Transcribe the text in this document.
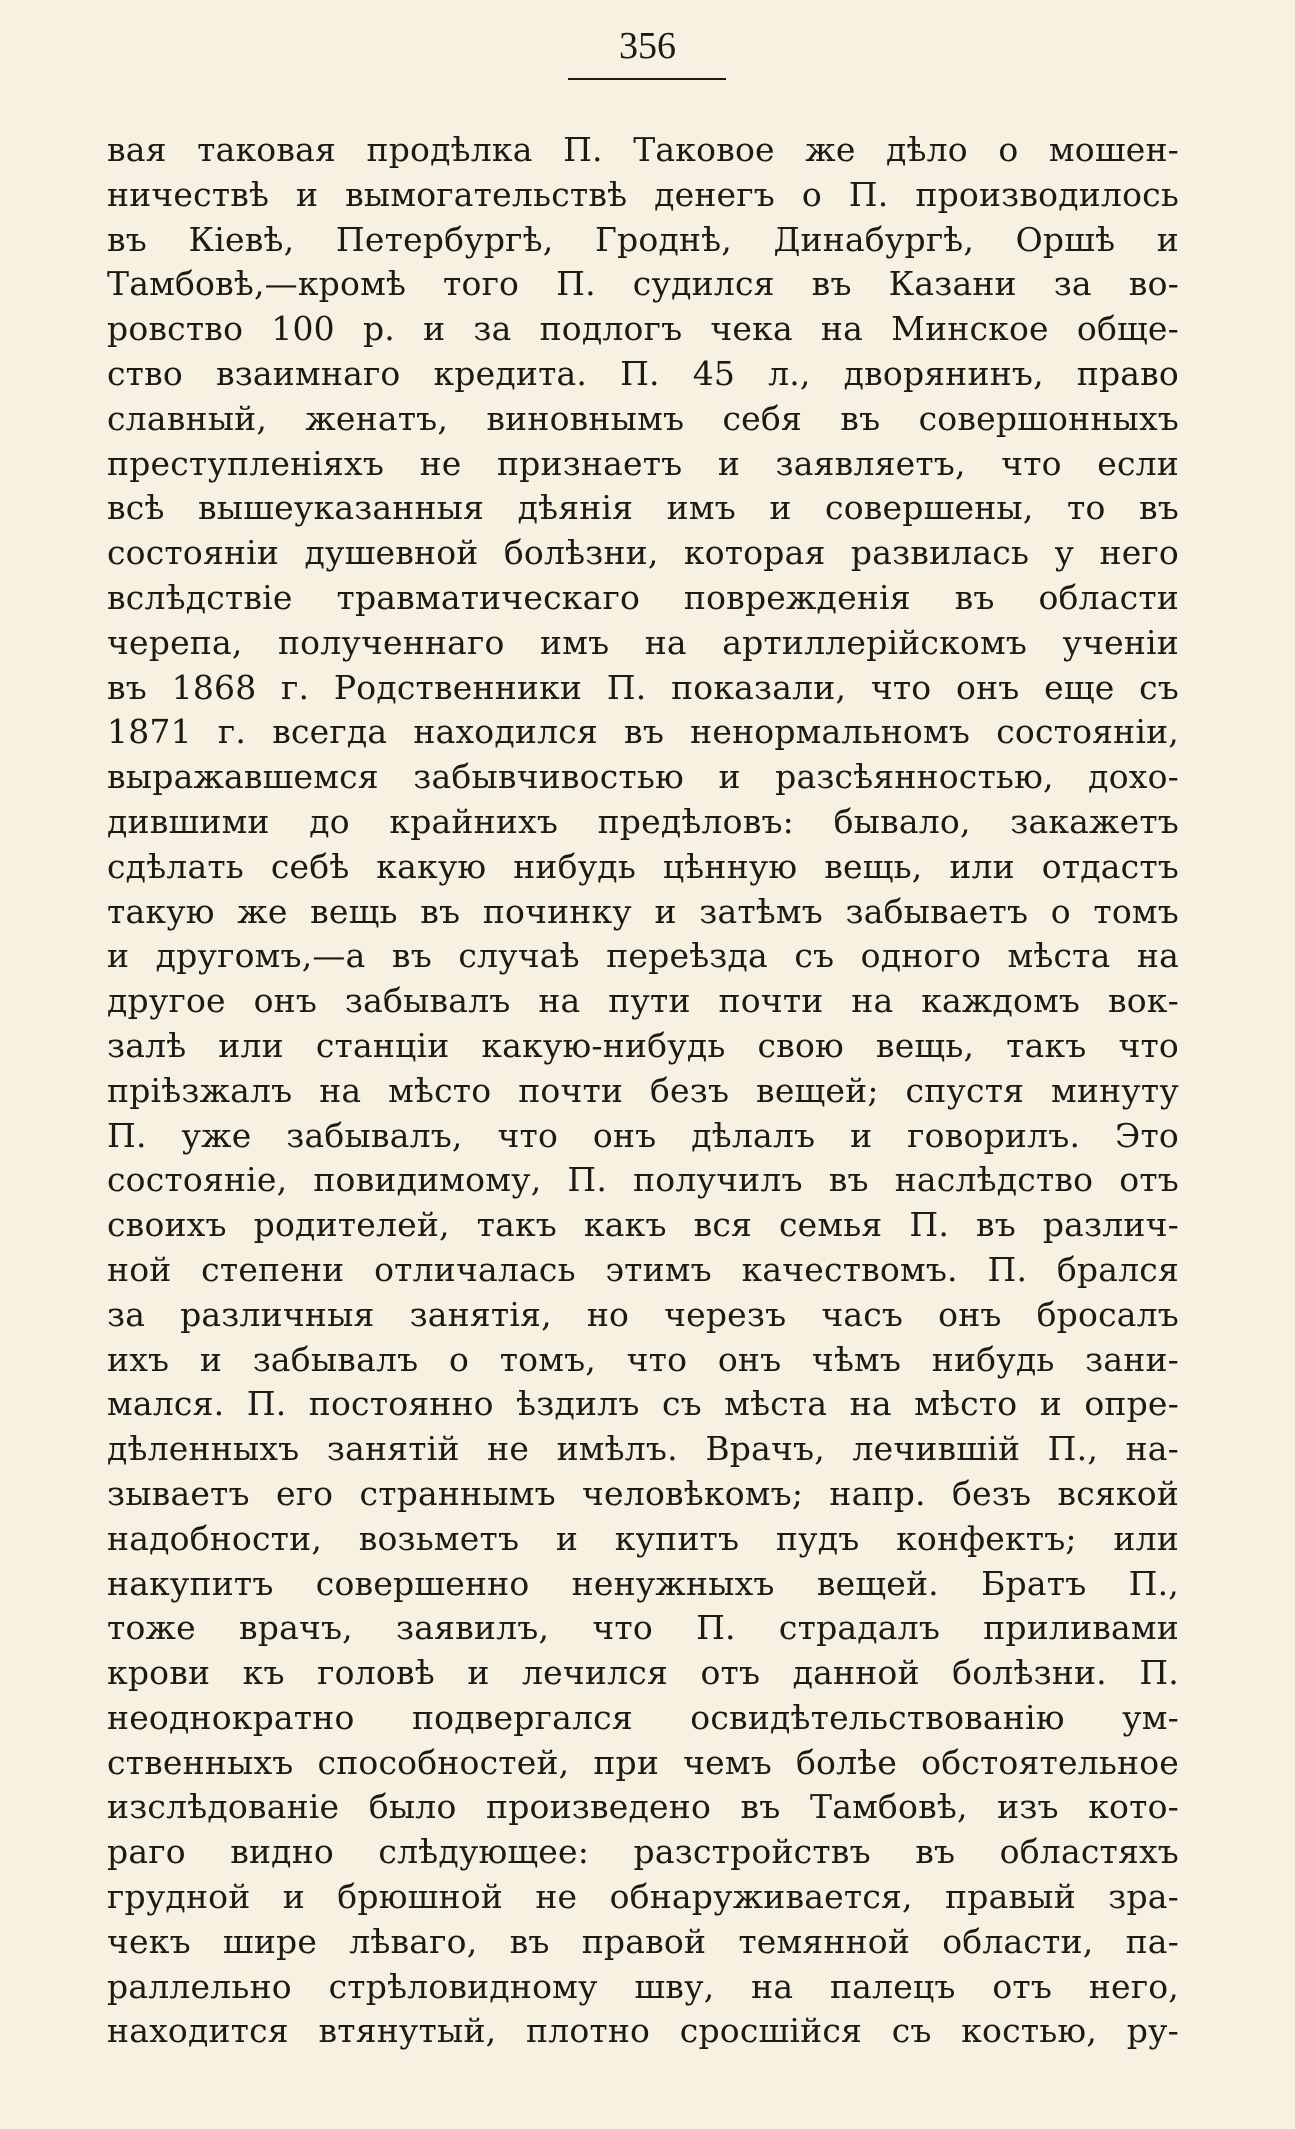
356
вая таковая продѣлка П. Таковое же дѣло о мошен-
ничествѣ и вымогательствѣ денегъ о П. производилось
въ Кіевѣ, Петербургѣ, Гроднѣ, Динабургѣ, Оршѣ и
Тамбовѣ,—кромѣ того П. судился въ Казани за во-
ровство 100 р. и за подлогъ чека на Минское обще-
ство взаимнаго кредита. П. 45 л., дворянинъ, право
славный, женатъ, виновнымъ себя въ совершонныхъ
преступленіяхъ не признаетъ и заявляетъ, что если
всѣ вышеуказанныя дѣянія имъ и совершены, то въ
состояніи душевной болѣзни, которая развилась у него
вслѣдствіе травматическаго поврежденія въ области
черепа, полученнаго имъ на артиллерійскомъ ученіи
въ 1868 г. Родственники П. показали, что онъ еще съ
1871 г. всегда находился въ ненормальномъ состояніи,
выражавшемся забывчивостью и разсѣянностью, дохо-
дившими до крайнихъ предѣловъ: бывало, закажетъ
сдѣлать себѣ какую нибудь цѣнную вещь, или отдастъ
такую же вещь въ починку и затѣмъ забываетъ о томъ
и другомъ,—а въ случаѣ переѣзда съ одного мѣста на
другое онъ забывалъ на пути почти на каждомъ вок-
залѣ или станціи какую-нибудь свою вещь, такъ что
пріѣзжалъ на мѣсто почти безъ вещей; спустя минуту
П. уже забывалъ, что онъ дѣлалъ и говорилъ. Это
состояніе, повидимому, П. получилъ въ наслѣдство отъ
своихъ родителей, такъ какъ вся семья П. въ различ-
ной степени отличалась этимъ качествомъ. П. брался
за различныя занятія, но черезъ часъ онъ бросалъ
ихъ и забывалъ о томъ, что онъ чѣмъ нибудь зани-
мался. П. постоянно ѣздилъ съ мѣста на мѣсто и опре-
дѣленныхъ занятій не имѣлъ. Врачъ, лечившій П., на-
зываетъ его страннымъ человѣкомъ; напр. безъ всякой
надобности, возьметъ и купитъ пудъ конфектъ; или
накупитъ совершенно ненужныхъ вещей. Братъ П.,
тоже врачъ, заявилъ, что П. страдалъ приливами
крови къ головѣ и лечился отъ данной болѣзни. П.
неоднократно подвергался освидѣтельствованію ум-
ственныхъ способностей, при чемъ болѣе обстоятельное
изслѣдованіе было произведено въ Тамбовѣ, изъ кото-
раго видно слѣдующее: разстройствъ въ областяхъ
грудной и брюшной не обнаруживается, правый зра-
чекъ шире лѣваго, въ правой темянной области, па-
раллельно стрѣловидному шву, на палецъ отъ него,
находится втянутый, плотно сросшійся съ костью, ру-
